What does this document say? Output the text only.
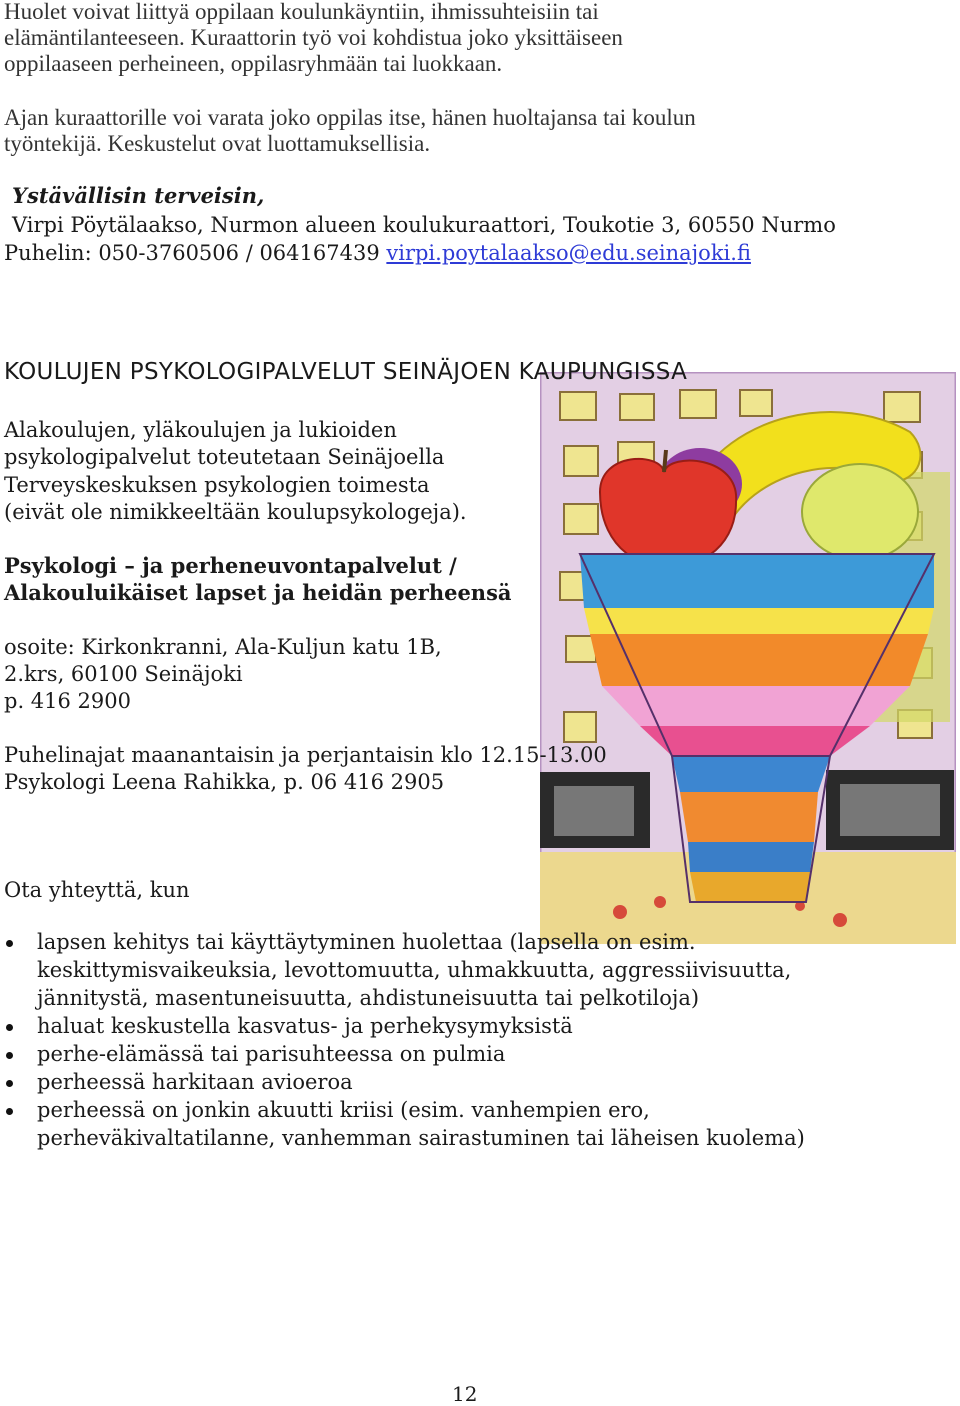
Huolet voivat liittyä oppilaan koulunkäyntiin, ihmissuhteisiin tai
elämäntilanteeseen. Kuraattorin työ voi kohdistua joko yksittäiseen
oppilaaseen perheineen, oppilasryhmään tai luokkaan.
Ajan kuraattorille voi varata joko oppilas itse, hänen huoltajansa tai koulun
työntekijä. Keskustelut ovat luottamuksellisia.
Ystävällisin terveisin,
Virpi Pöytälaakso, Nurmon alueen koulukuraattori, Toukotie 3, 60550 Nurmo
Puhelin: 050-3760506 / 064167439 virpi.poytalaakso@edu.seinajoki.fi
KOULUJEN PSYKOLOGIPALVELUT SEINÄJOEN KAUPUNGISSA
Alakoulujen, yläkoulujen ja lukioiden
psykologipalvelut toteutetaan Seinäjoella
Terveyskeskuksen psykologien toimesta
(eivät ole nimikkeeltään koulupsykologeja).
Psykologi – ja perheneuvontapalvelut /
Alakouluikäiset lapset ja heidän perheensä
osoite: Kirkonkranni, Ala-Kuljun katu 1B,
2.krs, 60100 Seinäjoki
p. 416 2900
Puhelinajat maanantaisin ja perjantaisin klo 12.15-13.00
Psykologi Leena Rahikka, p. 06 416 2905
Ota yhteyttä, kun
lapsen kehitys tai käyttäytyminen huolettaa (lapsella on esim.
keskittymisvaikeuksia, levottomuutta, uhmakkuutta, aggressiivisuutta,
jännitystä, masentuneisuutta, ahdistuneisuutta tai pelkotiloja)
haluat keskustella kasvatus- ja perhekysymyksistä
perhe-elämässä tai parisuhteessa on pulmia
perheessä harkitaan avioeroa
perheessä on jonkin akuutti kriisi (esim. vanhempien ero,
perheväkivaltatilanne, vanhemman sairastuminen tai läheisen kuolema)
12
